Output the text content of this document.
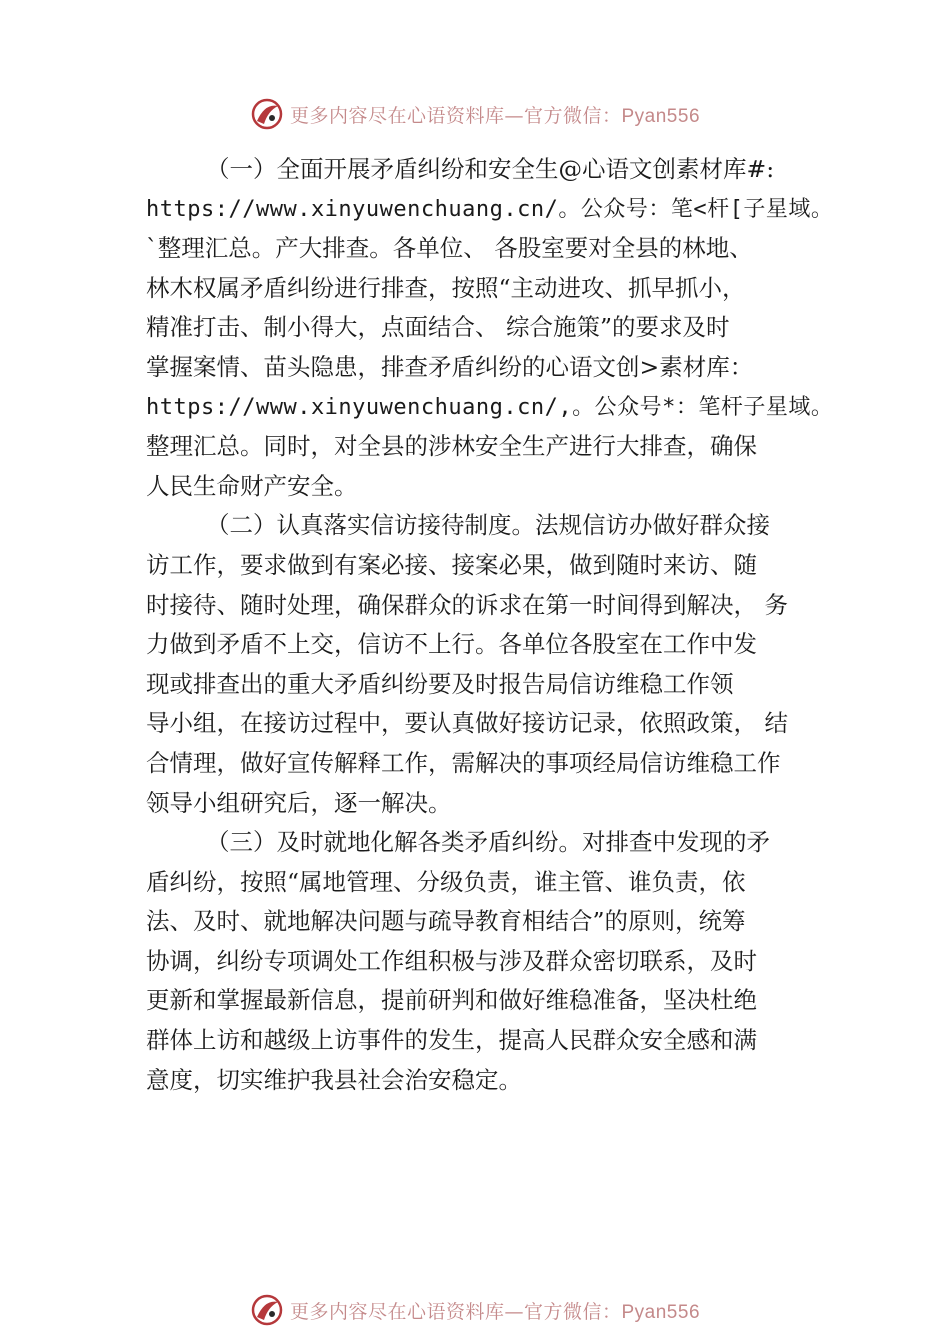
更多内容尽在心语资料库—官方微信：Pyan556

（一）全面开展矛盾纠纷和安全生@心语文创素材库#:
https://www.xinyuwenchuang.cn/。公众号：笔<杆[子星域。
`整理汇总。产大排查。各单位、 各股室要对全县的林地、
林木权属矛盾纠纷进行排查，按照“主动进攻、抓早抓小，
精准打击、制小得大，点面结合、 综合施策”的要求及时
掌握案情、苗头隐患，排查矛盾纠纷的心语文创>素材库：
https://www.xinyuwenchuang.cn/,。公众号*：笔杆子星域。
整理汇总。同时，对全县的涉林安全生产进行大排查，确保
人民生命财产安全。

（二）认真落实信访接待制度。法规信访办做好群众接
访工作，要求做到有案必接、接案必果，做到随时来访、随
时接待、随时处理，确保群众的诉求在第一时间得到解决， 务
力做到矛盾不上交，信访不上行。各单位各股室在工作中发
现或排查出的重大矛盾纠纷要及时报告局信访维稳工作领
导小组，在接访过程中，要认真做好接访记录，依照政策， 结
合情理，做好宣传解释工作，需解决的事项经局信访维稳工作
领导小组研究后，逐一解决。

（三）及时就地化解各类矛盾纠纷。对排查中发现的矛
盾纠纷，按照“属地管理、分级负责，谁主管、谁负责，依
法、及时、就地解决问题与疏导教育相结合”的原则，统筹
协调，纠纷专项调处工作组积极与涉及群众密切联系，及时
更新和掌握最新信息，提前研判和做好维稳准备，坚决杜绝
群体上访和越级上访事件的发生，提高人民群众安全感和满
意度，切实维护我县社会治安稳定。

更多内容尽在心语资料库—官方微信：Pyan556
